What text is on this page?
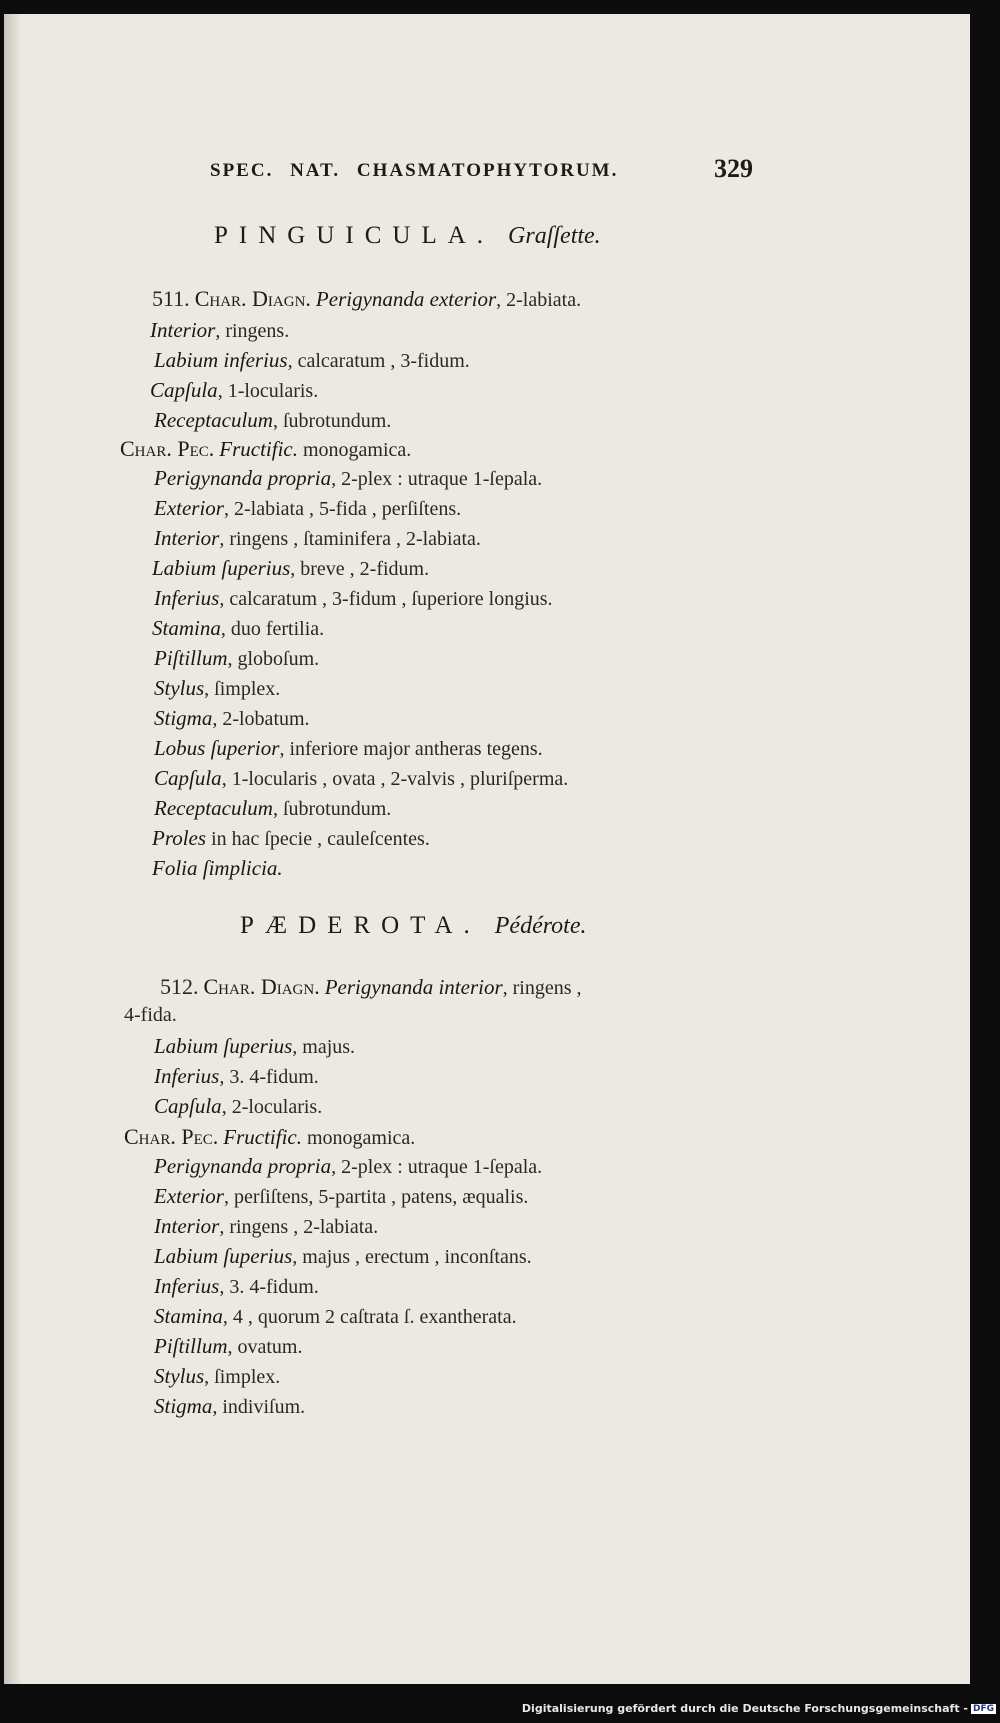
SPEC. NAT. CHASMATOPHYTORUM.	329
PINGUICULA. Graſſette.
511. Char. Diagn. Perigynanda exterior, 2-labiata.
Interior, ringens.
Labium inferius, calcaratum , 3-fidum.
Capſula, 1-locularis.
Receptaculum, ſubrotundum.
Char. Pec. Fructific. monogamica.
Perigynanda propria, 2-plex : utraque 1-ſepala.
Exterior, 2-labiata , 5-fida , perſiſtens.
Interior, ringens , ſtaminifera , 2-labiata.
Labium ſuperius, breve , 2-fidum.
Inferius, calcaratum , 3-fidum , ſuperiore longius.
Stamina, duo fertilia.
Piſtillum, globoſum.
Stylus, ſimplex.
Stigma, 2-lobatum.
Lobus ſuperior, inferiore major antheras tegens.
Capſula, 1-locularis , ovata , 2-valvis , pluriſperma.
Receptaculum, ſubrotundum.
Proles in hac ſpecie , cauleſcentes.
Folia ſimplicia.
PÆDEROTA. Pédérote.
512. Char. Diagn. Perigynanda interior, ringens ,
4-fida.
Labium ſuperius, majus.
Inferius, 3. 4-fidum.
Capſula, 2-locularis.
Char. Pec. Fructific. monogamica.
Perigynanda propria, 2-plex : utraque 1-ſepala.
Exterior, perſiſtens, 5-partita , patens, æqualis.
Interior, ringens , 2-labiata.
Labium ſuperius, majus , erectum , inconſtans.
Inferius, 3. 4-fidum.
Stamina, 4 , quorum 2 caſtrata ſ. exantherata.
Piſtillum, ovatum.
Stylus, ſimplex.
Stigma, indiviſum.
Digitalisierung gefördert durch die Deutsche Forschungsgemeinschaft - DFG
